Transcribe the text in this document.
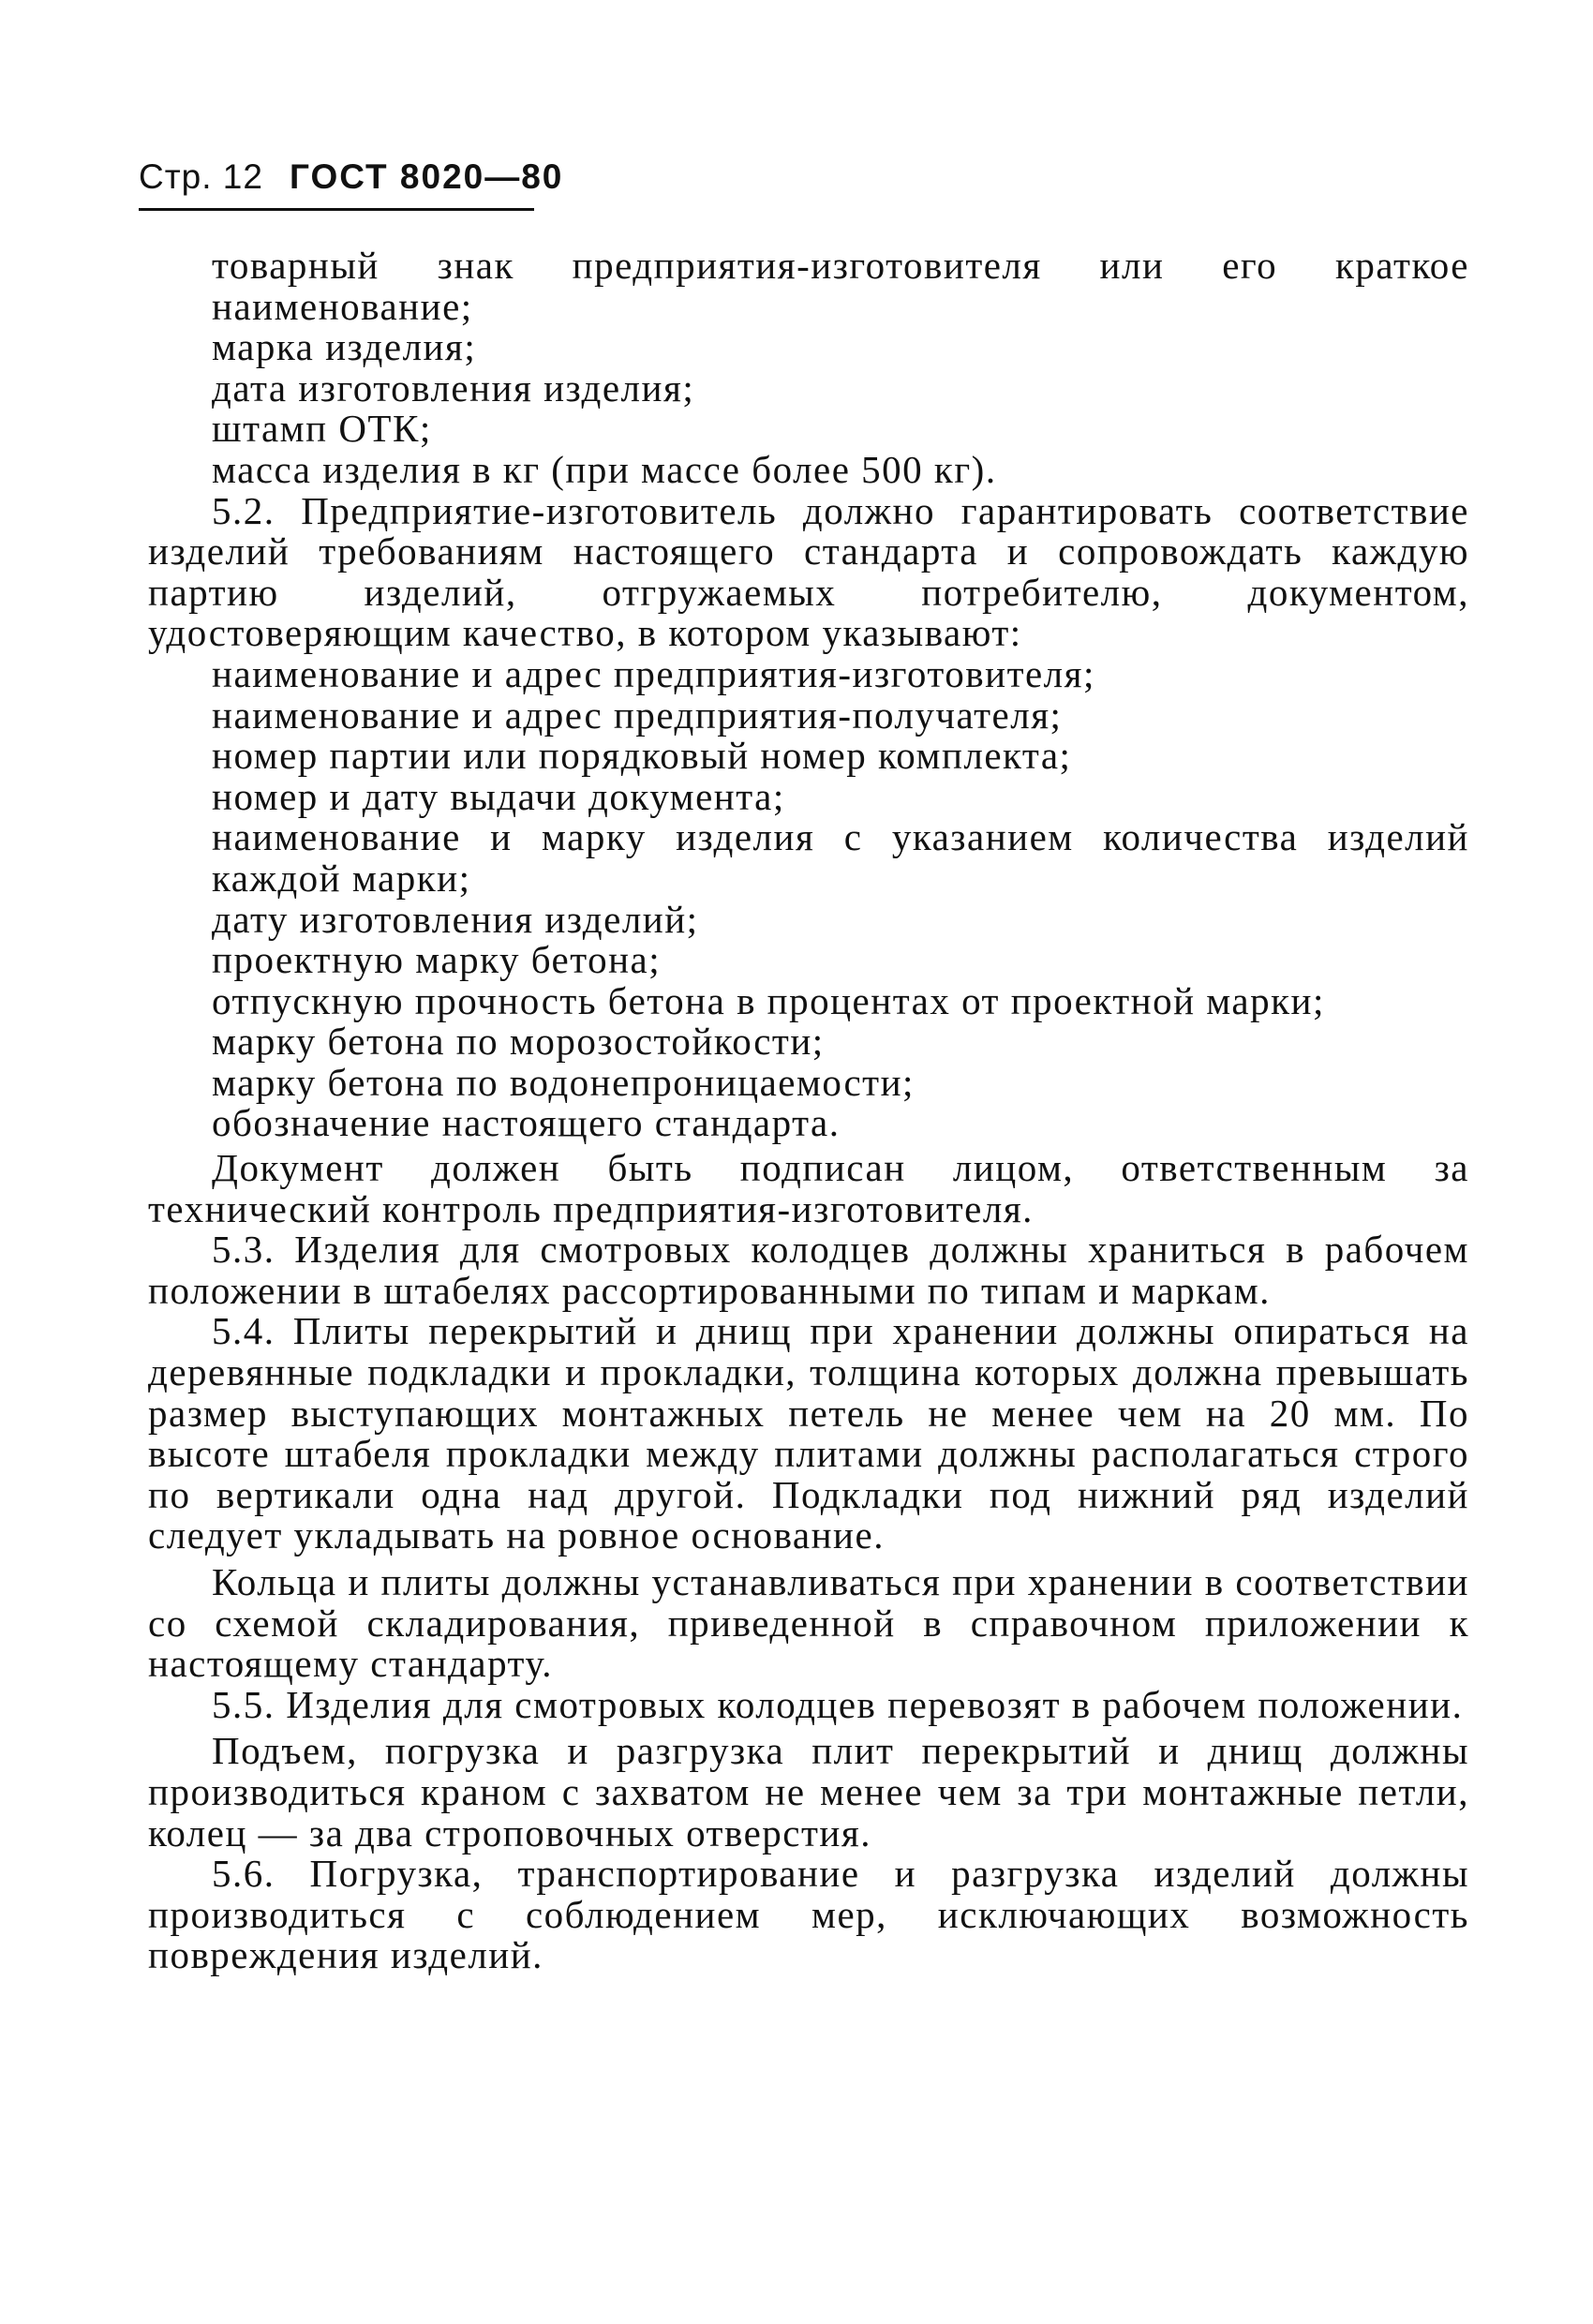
Стр. 12 ГОСТ 8020—80
товарный знак предприятия-изготовителя или его краткое наименование;
марка изделия;
дата изготовления изделия;
штамп ОТК;
масса изделия в кг (при массе более 500 кг).

5.2. Предприятие-изготовитель должно гарантировать соответствие изделий требованиям настоящего стандарта и сопровождать каждую партию изделий, отгружаемых потребителю, документом, удостоверяющим качество, в котором указывают:

наименование и адрес предприятия-изготовителя;
наименование и адрес предприятия-получателя;
номер партии или порядковый номер комплекта;
номер и дату выдачи документа;
наименование и марку изделия с указанием количества изделий каждой марки;
дату изготовления изделий;
проектную марку бетона;
отпускную прочность бетона в процентах от проектной марки;
марку бетона по морозостойкости;
марку бетона по водонепроницаемости;
обозначение настоящего стандарта.

Документ должен быть подписан лицом, ответственным за технический контроль предприятия-изготовителя.

5.3. Изделия для смотровых колодцев должны храниться в рабочем положении в штабелях рассортированными по типам и маркам.

5.4. Плиты перекрытий и днищ при хранении должны опираться на деревянные подкладки и прокладки, толщина которых должна превышать размер выступающих монтажных петель не менее чем на 20 мм. По высоте штабеля прокладки между плитами должны располагаться строго по вертикали одна над другой. Подкладки под нижний ряд изделий следует укладывать на ровное основание.

Кольца и плиты должны устанавливаться при хранении в соответствии со схемой складирования, приведенной в справочном приложении к настоящему стандарту.

5.5. Изделия для смотровых колодцев перевозят в рабочем положении.

Подъем, погрузка и разгрузка плит перекрытий и днищ должны производиться краном с захватом не менее чем за три монтажные петли, колец — за два строповочных отверстия.

5.6. Погрузка, транспортирование и разгрузка изделий должны производиться с соблюдением мер, исключающих возможность повреждения изделий.
